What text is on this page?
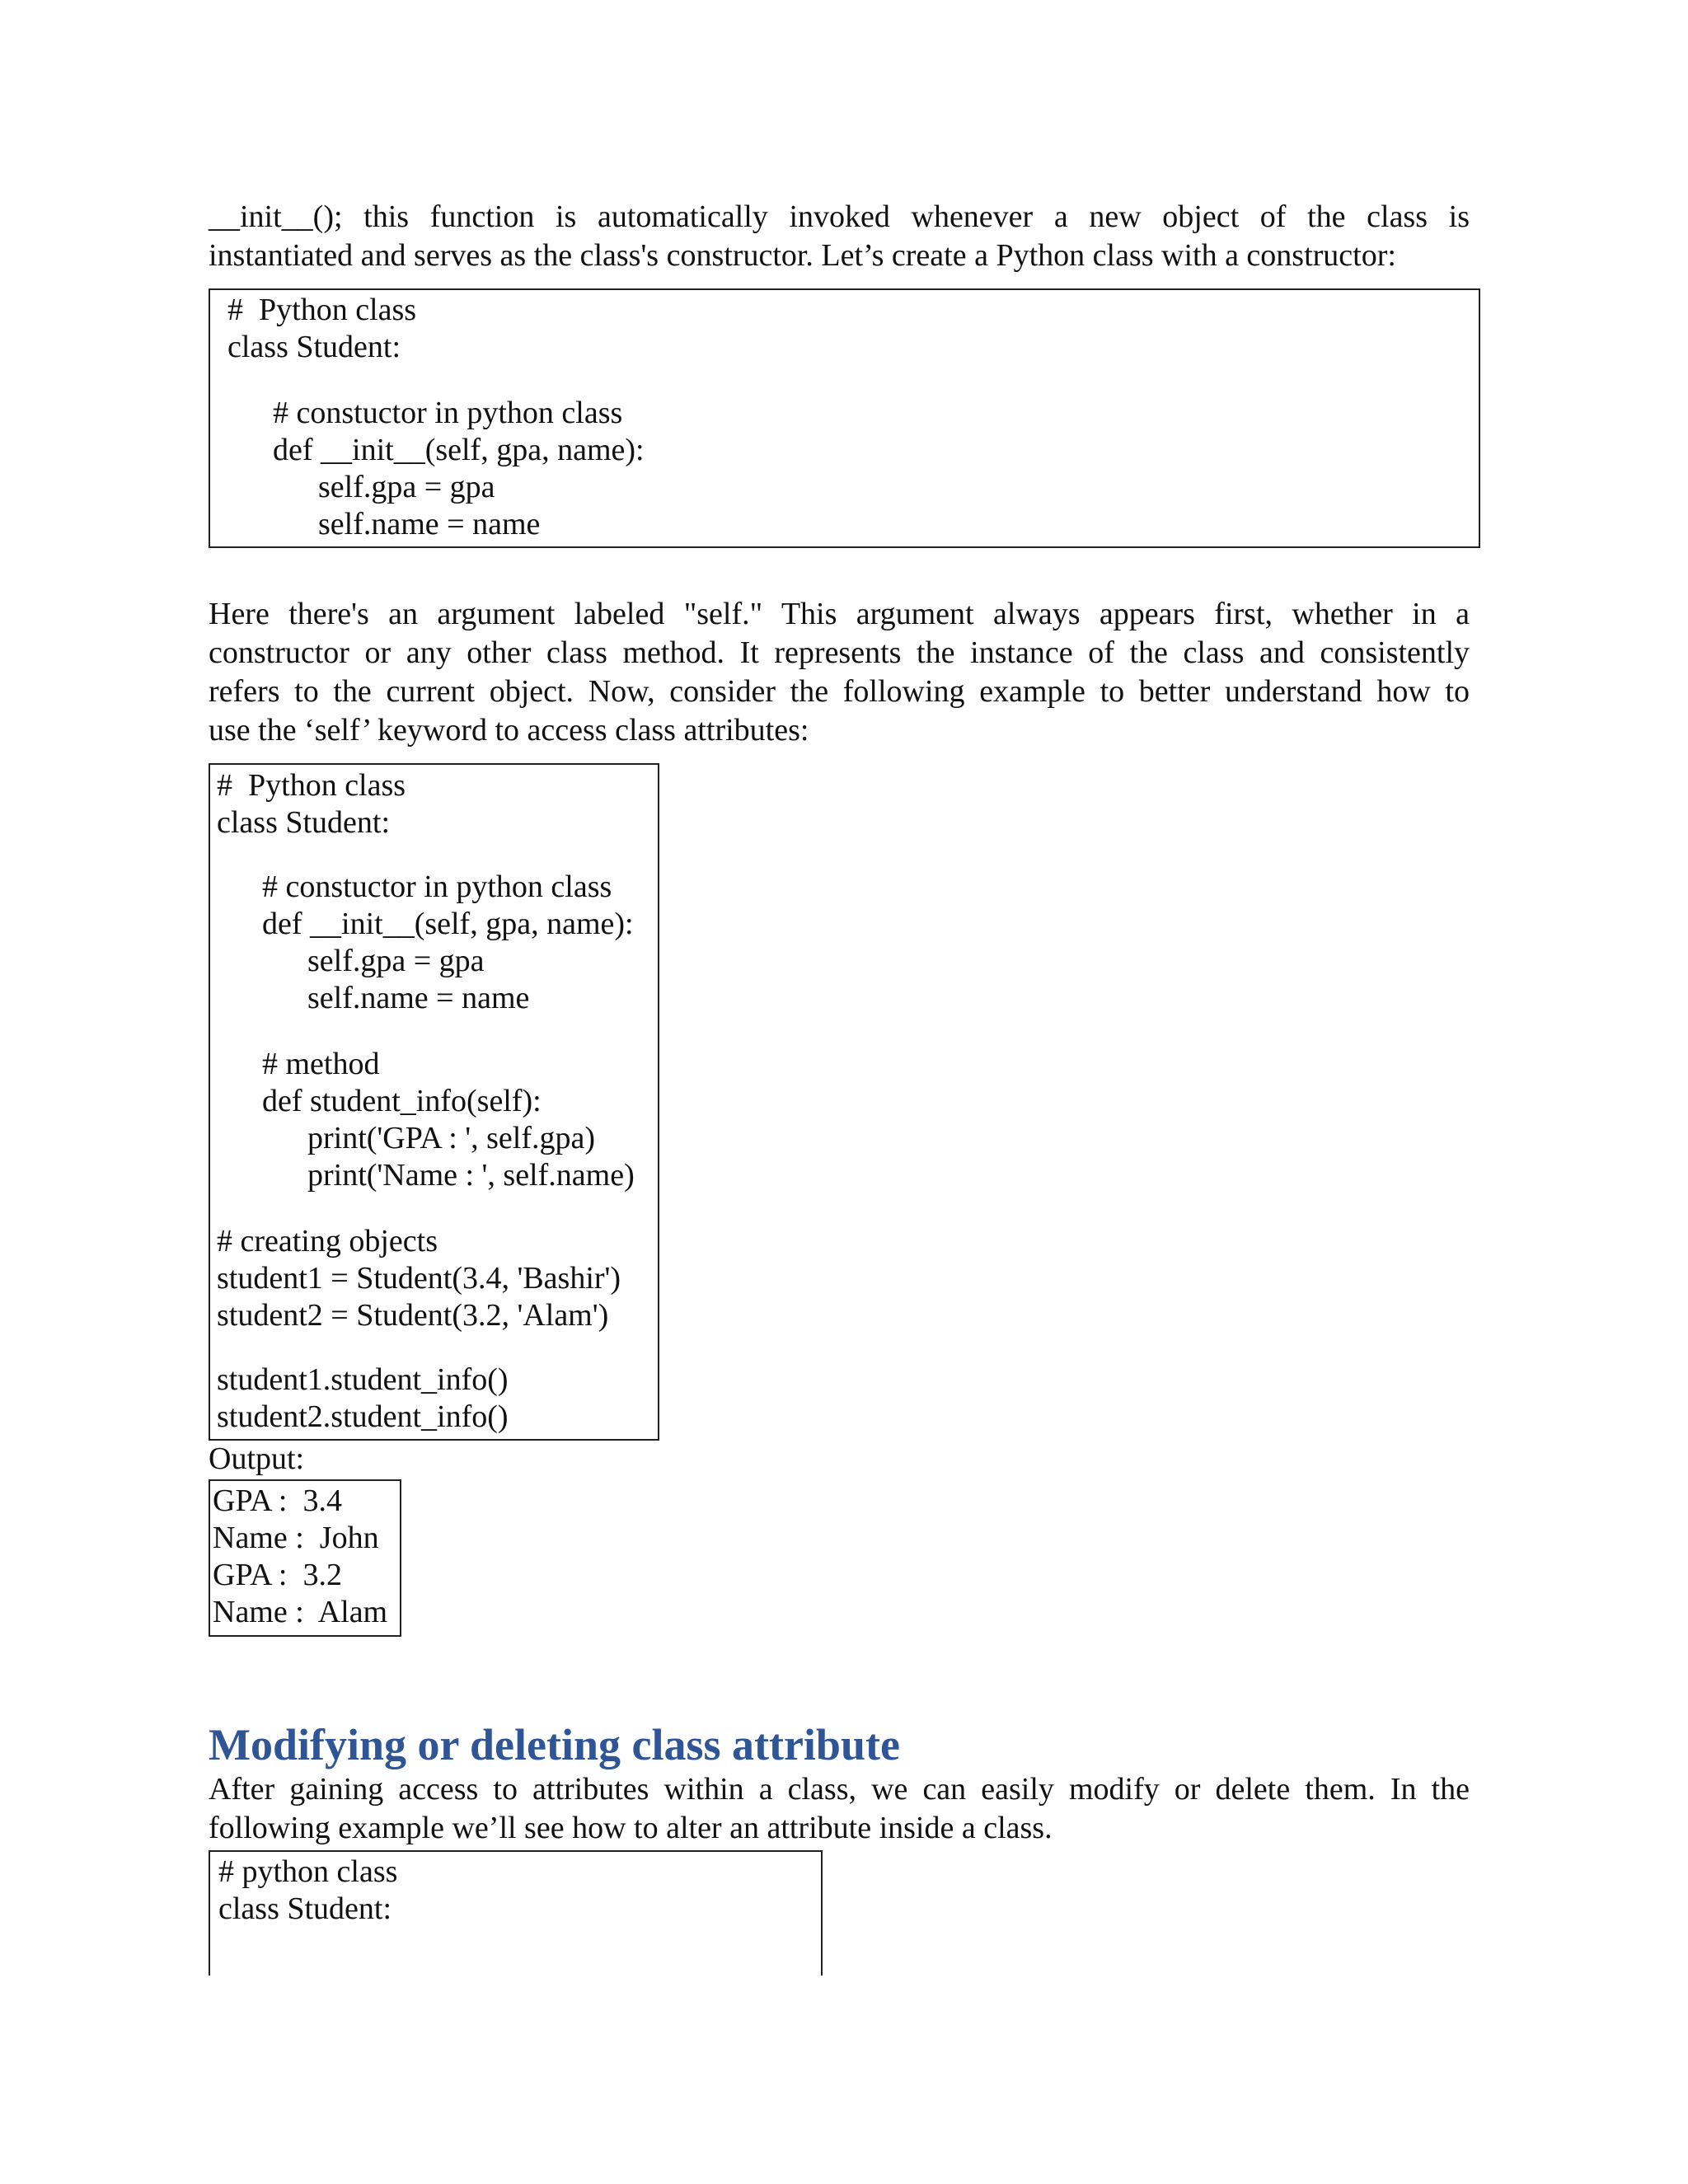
__init__(); this function is automatically invoked whenever a new object of the class is
instantiated and serves as the class's constructor. Let’s create a Python class with a constructor:
#  Python class
class Student:
# constuctor in python class
def __init__(self, gpa, name):
self.gpa = gpa
self.name = name
Here there's an argument labeled "self." This argument always appears first, whether in a
constructor or any other class method. It represents the instance of the class and consistently
refers to the current object. Now, consider the following example to better understand how to
use the ‘self’ keyword to access class attributes:
#  Python class
class Student:
# constuctor in python class
def __init__(self, gpa, name):
self.gpa = gpa
self.name = name
# method
def student_info(self):
print('GPA : ', self.gpa)
print('Name : ', self.name)
# creating objects
student1 = Student(3.4, 'Bashir')
student2 = Student(3.2, 'Alam')
student1.student_info()
student2.student_info()
Output:
GPA :  3.4
Name :  John
GPA :  3.2
Name :  Alam
Modifying or deleting class attribute
After gaining access to attributes within a class, we can easily modify or delete them. In the
following example we’ll see how to alter an attribute inside a class.
# python class
class Student:
